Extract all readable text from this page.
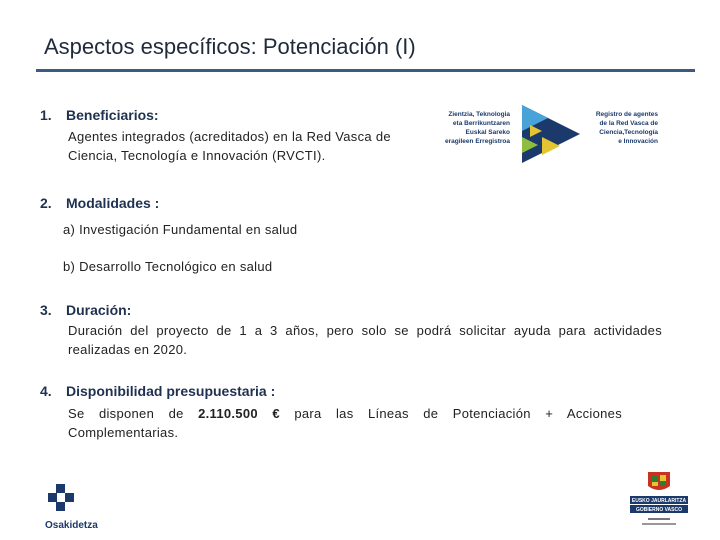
Aspectos específicos: Potenciación (I)
1. Beneficiarios:
Agentes integrados (acreditados) en la Red Vasca de
Ciencia, Tecnología e Innovación (RVCTI).
Zientzia, Teknologia
eta Berrikuntzaren
Euskal Sareko
eragileen Erregistroa
Registro de agentes
de la Red Vasca de
Ciencia,Tecnología
e Innovación
2. Modalidades :
a) Investigación Fundamental en salud
b) Desarrollo Tecnológico en salud
3. Duración:
Duración del proyecto de 1 a 3 años, pero solo se podrá solicitar ayuda para actividades
realizadas en 2020.
4. Disponibilidad presupuestaria :
Se disponen de 2.110.500 € para las Líneas de Potenciación + Acciones
Complementarias.
Osakidetza
EUSKO JAURLARITZA
GOBIERNO VASCO
